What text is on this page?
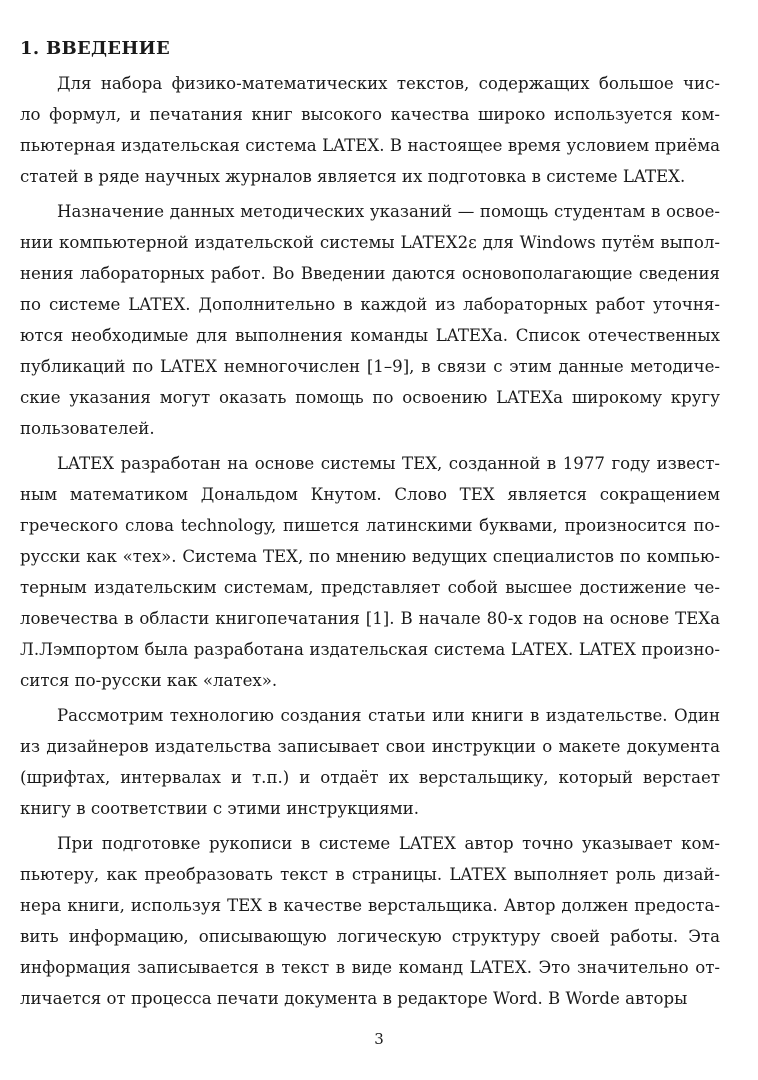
1. ВВЕДЕНИЕ
Для набора физико-математических текстов, содержащих большое чис-
ло формул, и печатания книг высокого качества широко используется ком-
пьютерная издательская система LATEX. В настоящее время условием приёма
статей в ряде научных журналов является их подготовка в системе LATEX.
Назначение данных методических указаний — помощь студентам в освое-
нии компьютерной издательской системы LATEX2ε для Windows путём выпол-
нения лабораторных работ. Во Введении даются основополагающие сведения
по системе LATEX. Дополнительно в каждой из лабораторных работ уточня-
ются необходимые для выполнения команды LATEXа. Список отечественных
публикаций по LATEX немногочислен [1–9], в связи с этим данные методиче-
ские указания могут оказать помощь по освоению LATEXа широкому кругу
пользователей.
LATEX разработан на основе системы TEX, созданной в 1977 году извест-
ным математиком Дональдом Кнутом. Слово TEX является сокращением
греческого слова technology, пишется латинскими буквами, произносится по-
русски как «тех». Система TEX, по мнению ведущих специалистов по компью-
терным издательским системам, представляет собой высшее достижение че-
ловечества в области книгопечатания [1]. В начале 80-х годов на основе TEXа
Л.Лэмпортом была разработана издательская система LATEX. LATEX произно-
сится по-русски как «латех».
Рассмотрим технологию создания статьи или книги в издательстве. Один
из дизайнеров издательства записывает свои инструкции о макете документа
(шрифтах, интервалах и т.п.) и отдаёт их верстальщику, который верстает
книгу в соответствии с этими инструкциями.
При подготовке рукописи в системе LATEX автор точно указывает ком-
пьютеру, как преобразовать текст в страницы. LATEX выполняет роль дизай-
нера книги, используя TEX в качестве верстальщика. Автор должен предоста-
вить информацию, описывающую логическую структуру своей работы. Эта
информация записывается в текст в виде команд LATEX. Это значительно от-
личается от процесса печати документа в редакторе Word. В Worde авторы
3
